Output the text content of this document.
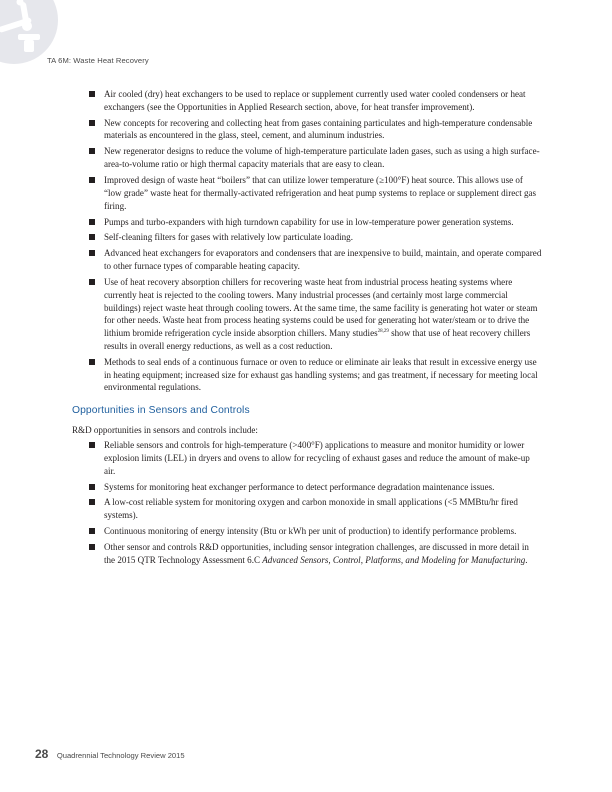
TA 6M: Waste Heat Recovery
Air cooled (dry) heat exchangers to be used to replace or supplement currently used water cooled condensers or heat exchangers (see the Opportunities in Applied Research section, above, for heat transfer improvement).
New concepts for recovering and collecting heat from gases containing particulates and high-temperature condensable materials as encountered in the glass, steel, cement, and aluminum industries.
New regenerator designs to reduce the volume of high-temperature particulate laden gases, such as using a high surface-area-to-volume ratio or high thermal capacity materials that are easy to clean.
Improved design of waste heat “boilers” that can utilize lower temperature (≥100°F) heat source. This allows use of “low grade” waste heat for thermally-activated refrigeration and heat pump systems to replace or supplement direct gas firing.
Pumps and turbo-expanders with high turndown capability for use in low-temperature power generation systems.
Self-cleaning filters for gases with relatively low particulate loading.
Advanced heat exchangers for evaporators and condensers that are inexpensive to build, maintain, and operate compared to other furnace types of comparable heating capacity.
Use of heat recovery absorption chillers for recovering waste heat from industrial process heating systems where currently heat is rejected to the cooling towers. Many industrial processes (and certainly most large commercial buildings) reject waste heat through cooling towers. At the same time, the same facility is generating hot water or steam for other needs. Waste heat from process heating systems could be used for generating hot water/steam or to drive the lithium bromide refrigeration cycle inside absorption chillers. Many studies$^{28,29}$ show that use of heat recovery chillers results in overall energy reductions, as well as a cost reduction.
Methods to seal ends of a continuous furnace or oven to reduce or eliminate air leaks that result in excessive energy use in heating equipment; increased size for exhaust gas handling systems; and gas treatment, if necessary for meeting local environmental regulations.
Opportunities in Sensors and Controls

R&D opportunities in sensors and controls include:

Reliable sensors and controls for high-temperature (>400°F) applications to measure and monitor humidity or lower explosion limits (LEL) in dryers and ovens to allow for recycling of exhaust gases and reduce the amount of make-up air.
Systems for monitoring heat exchanger performance to detect performance degradation maintenance issues.
A low-cost reliable system for monitoring oxygen and carbon monoxide in small applications (<5 MMBtu/hr fired systems).
Continuous monitoring of energy intensity (Btu or kWh per unit of production) to identify performance problems.
Other sensor and controls R&D opportunities, including sensor integration challenges, are discussed in more detail in the 2015 QTR Technology Assessment 6.C Advanced Sensors, Control, Platforms, and Modeling for Manufacturing.
28 Quadrennial Technology Review 2015
